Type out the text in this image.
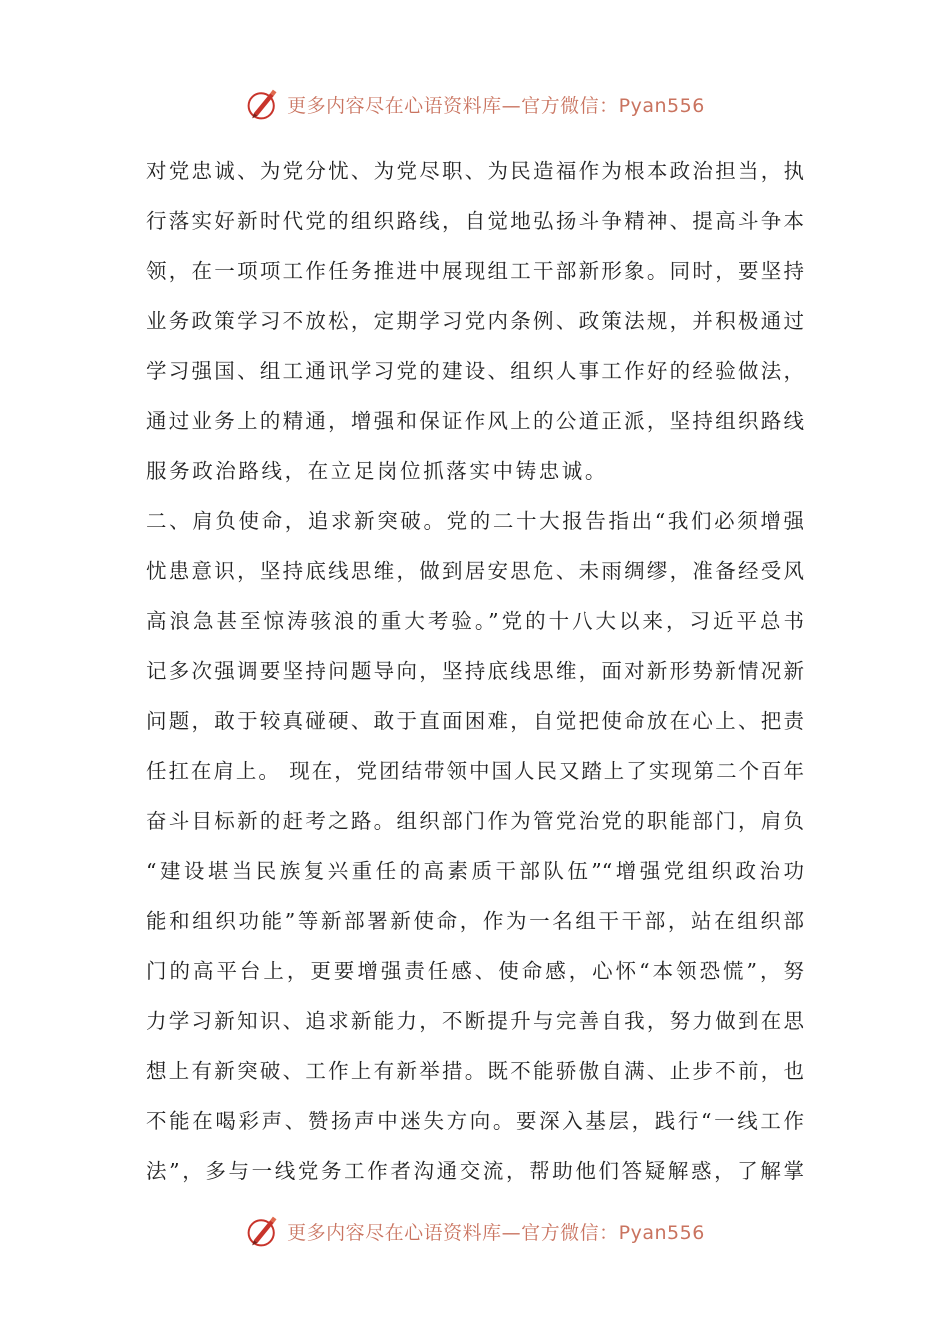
更多内容尽在心语资料库—官方微信：Pyan556
对党忠诚、为党分忧、为党尽职、为民造福作为根本政治担当，执
行落实好新时代党的组织路线，自觉地弘扬斗争精神、提高斗争本
领，在一项项工作任务推进中展现组工干部新形象。同时，要坚持
业务政策学习不放松，定期学习党内条例、政策法规，并积极通过
学习强国、组工通讯学习党的建设、组织人事工作好的经验做法，
通过业务上的精通，增强和保证作风上的公道正派，坚持组织路线
服务政治路线，在立足岗位抓落实中铸忠诚。
二、肩负使命，追求新突破。党的二十大报告指出“我们必须增强
忧患意识，坚持底线思维，做到居安思危、未雨绸缪，准备经受风
高浪急甚至惊涛骇浪的重大考验。”党的十八大以来，习近平总书
记多次强调要坚持问题导向，坚持底线思维，面对新形势新情况新
问题，敢于较真碰硬、敢于直面困难，自觉把使命放在心上、把责
任扛在肩上。 现在，党团结带领中国人民又踏上了实现第二个百年
奋斗目标新的赶考之路。组织部门作为管党治党的职能部门，肩负
“建设堪当民族复兴重任的高素质干部队伍”“增强党组织政治功
能和组织功能”等新部署新使命，作为一名组干干部，站在组织部
门的高平台上，更要增强责任感、使命感，心怀“本领恐慌”，努
力学习新知识、追求新能力，不断提升与完善自我，努力做到在思
想上有新突破、工作上有新举措。既不能骄傲自满、止步不前，也
不能在喝彩声、赞扬声中迷失方向。要深入基层，践行“一线工作
法”，多与一线党务工作者沟通交流，帮助他们答疑解惑，了解掌
更多内容尽在心语资料库—官方微信：Pyan556
